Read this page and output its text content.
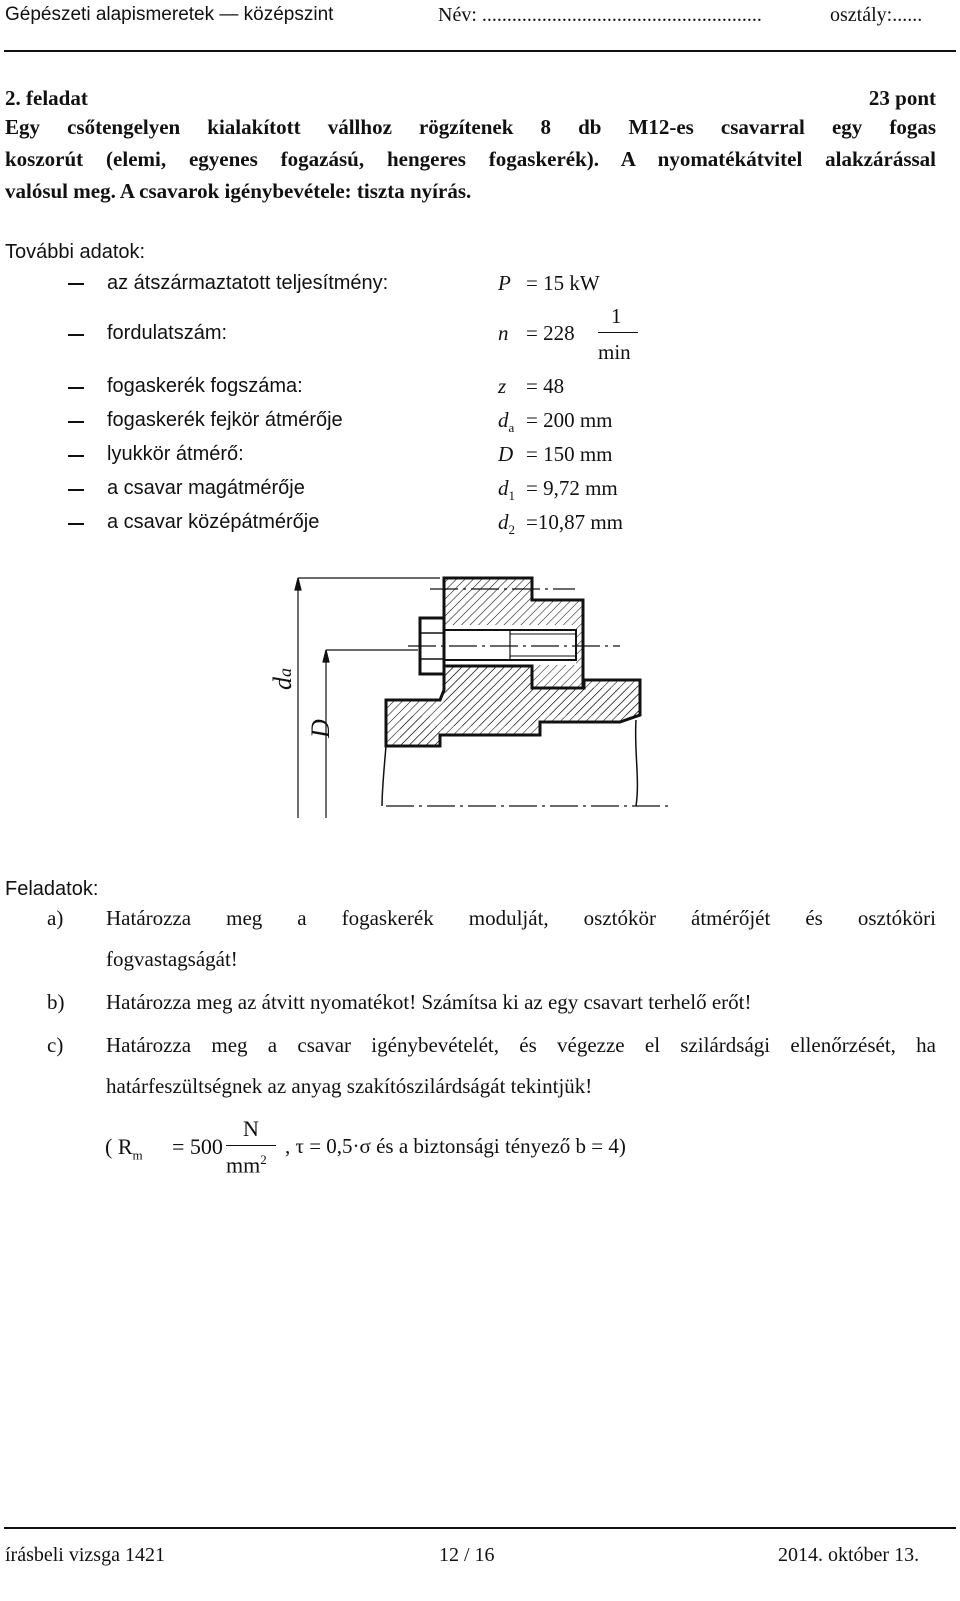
Gépészeti alapismeretek — középszint	Név: ........................................................	osztály:......
2. feladat	23 pont
Egy csőtengelyen kialakított vállhoz rögzítenek 8 db M12-es csavarral egy fogas
koszorút (elemi, egyenes fogazású, hengeres fogaskerék). A nyomatékátvitel alakzárással
valósul meg. A csavarok igénybevétele: tiszta nyírás.
További adatok:
az átszármaztatott teljesítmény:	P = 15 kW
fordulatszám:	n = 228
1
min
fogaskerék fogszáma:	z = 48
fogaskerék fejkör átmérője	$d_a = 200$ mm
lyukkör átmérő:	D = 150 mm
a csavar magátmérője	$d_1 = 9,72$ mm
a csavar középátmérője	$d_2 =10,87$ mm
da
D
Feladatok:
a) Határozza meg a fogaskerék modulját, osztókör átmérőjét és osztóköri
fogvastagságát!
b) Határozza meg az átvitt nyomatékot! Számítsa ki az egy csavart terhelő erőt!
c) Határozza meg a csavar igénybevételét, és végezze el szilárdsági ellenőrzését, ha
határfeszültségnek az anyag szakítószilárdságát tekintjük!
( $R_m = 500$
N
$mm^2$
, τ = 0,5·σ és a biztonsági tényező b = 4)
írásbeli vizsga 1421	12 / 16	2014. október 13.
